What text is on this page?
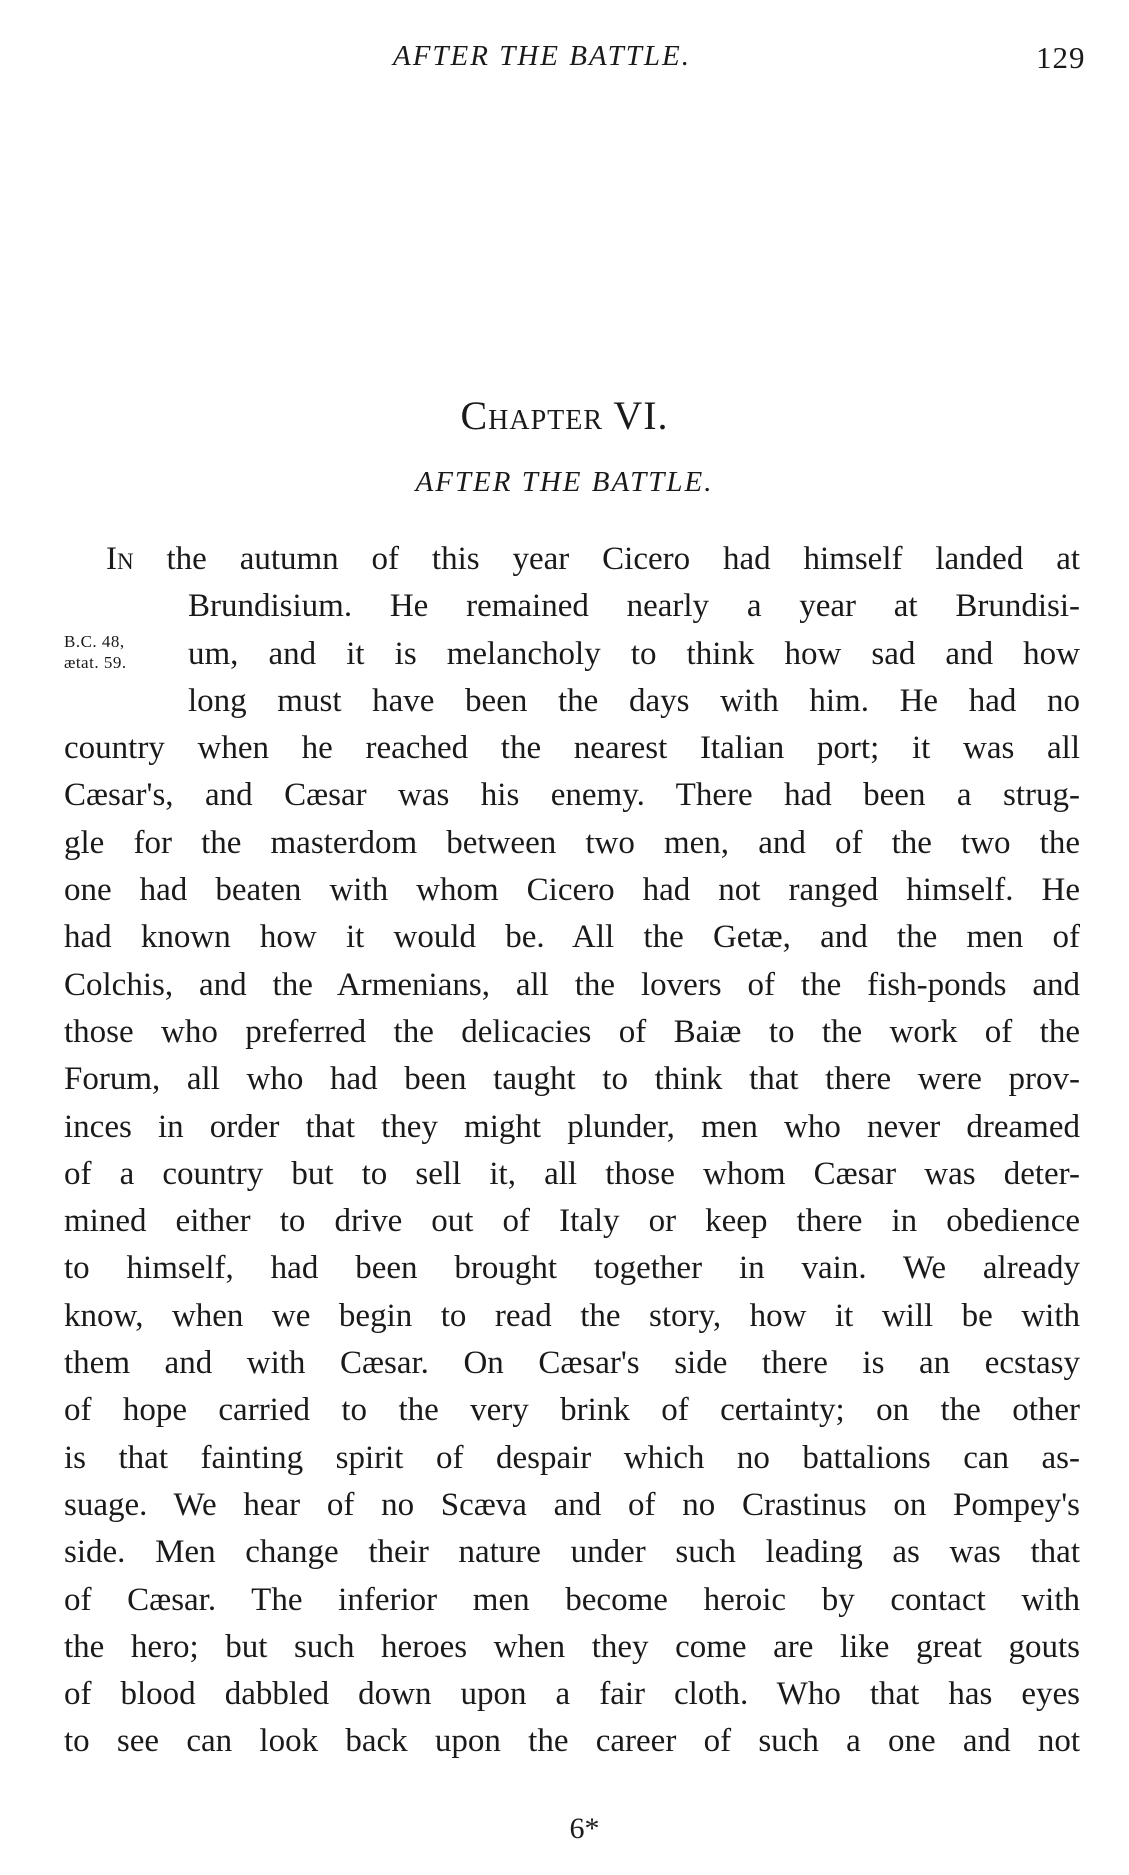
AFTER THE BATTLE.	129
Chapter VI.
AFTER THE BATTLE.
B.C. 48,
ætat. 59.
In the autumn of this year Cicero had himself landed at
Brundisium. He remained nearly a year at Brundisi-
um, and it is melancholy to think how sad and how
long must have been the days with him. He had no
country when he reached the nearest Italian port; it was all
Cæsar's, and Cæsar was his enemy. There had been a strug-
gle for the masterdom between two men, and of the two the
one had beaten with whom Cicero had not ranged himself. He
had known how it would be. All the Getæ, and the men of
Colchis, and the Armenians, all the lovers of the fish-ponds and
those who preferred the delicacies of Baiæ to the work of the
Forum, all who had been taught to think that there were prov-
inces in order that they might plunder, men who never dreamed
of a country but to sell it, all those whom Cæsar was deter-
mined either to drive out of Italy or keep there in obedience
to himself, had been brought together in vain. We already
know, when we begin to read the story, how it will be with
them and with Cæsar. On Cæsar's side there is an ecstasy
of hope carried to the very brink of certainty; on the other
is that fainting spirit of despair which no battalions can as-
suage. We hear of no Scæva and of no Crastinus on Pompey's
side. Men change their nature under such leading as was that
of Cæsar. The inferior men become heroic by contact with
the hero; but such heroes when they come are like great gouts
of blood dabbled down upon a fair cloth. Who that has eyes
to see can look back upon the career of such a one and not
6*
